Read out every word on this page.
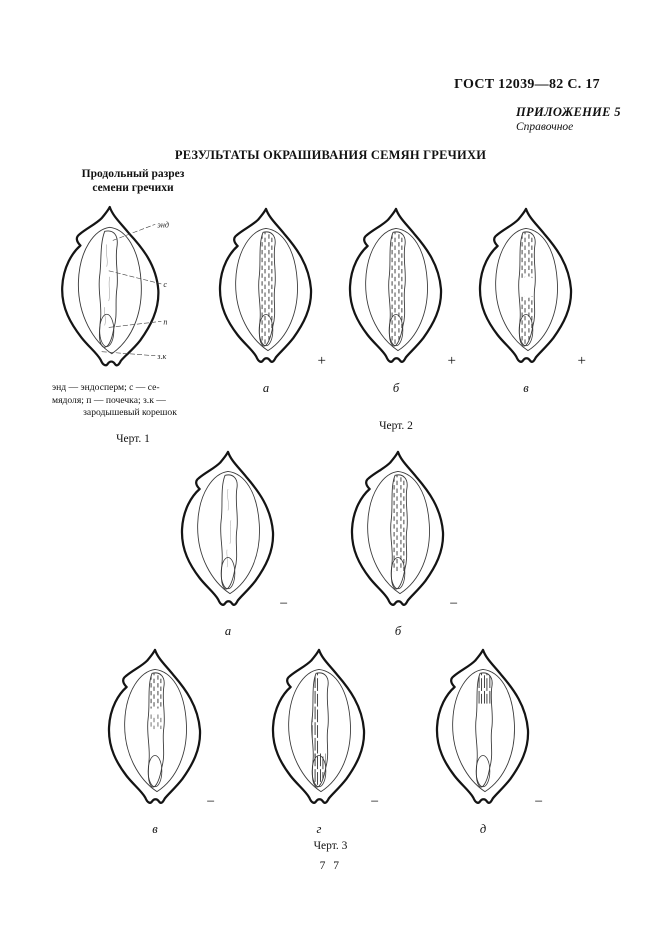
ГОСТ 12039—82 С. 17
ПРИЛОЖЕНИЕ 5
Справочное
РЕЗУЛЬТАТЫ ОКРАШИВАНИЯ СЕМЯН ГРЕЧИХИ
Продольный разрез
семени гречихи
энд
с
п
з.к
энд — эндосперм; с — се-
мядоля; п — почечка; з.к —
зародышевый корешок
Черт. 1
+
а
+
б
+
в
Черт. 2
−
а
−
б
−
в
−
г
−
д
Черт. 3
7 7
